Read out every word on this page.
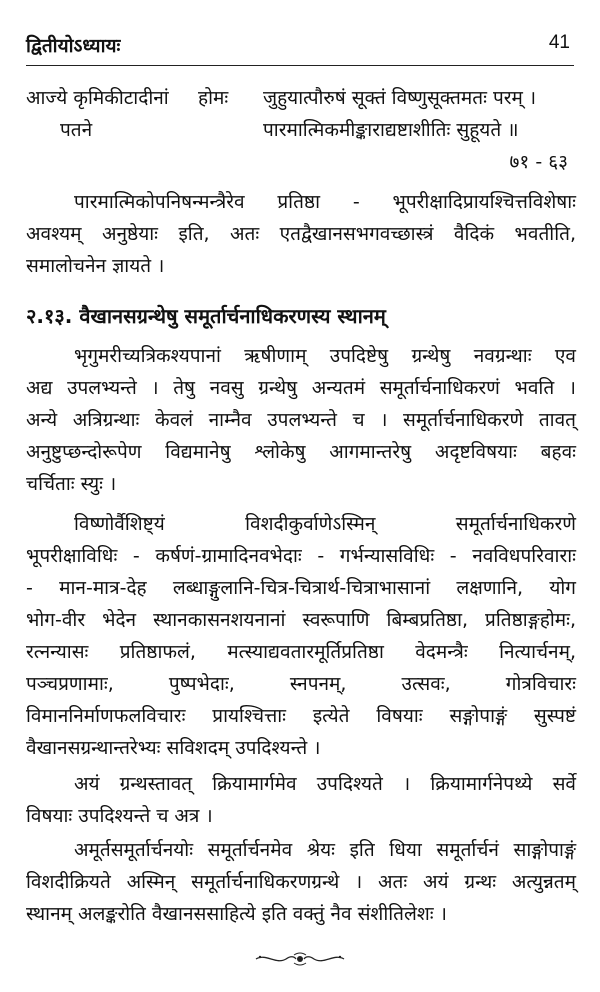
द्वितीयोऽध्यायः	41
आज्ये कृमिकीटादीनां होमः जुहुयात्पौरुषं सूक्तं विष्णुसूक्तमतः परम् ।
पतने	पारमात्मिकमीङ्काराद्यष्टाशीतिः सुहूयते ॥
७१ - ६३
पारमात्मिकोपनिषन्मन्त्रैरेव प्रतिष्ठा - भूपरीक्षादिप्रायश्चित्तविशेषाः
अवश्यम् अनुष्ठेयाः इति, अतः एतद्वैखानसभगवच्छास्त्रं वैदिकं भवतीति,
समालोचनेन ज्ञायते ।
२.१३. वैखानसग्रन्थेषु समूर्तार्चनाधिकरणस्य स्थानम्
भृगुमरीच्यत्रिकश्यपानां ऋषीणाम् उपदिष्टेषु ग्रन्थेषु नवग्रन्थाः एव
अद्य उपलभ्यन्ते । तेषु नवसु ग्रन्थेषु अन्यतमं समूर्तार्चनाधिकरणं भवति ।
अन्ये अत्रिग्रन्थाः केवलं नाम्नैव उपलभ्यन्ते च । समूर्तार्चनाधिकरणे तावत्
अनुष्टुप्छन्दोरूपेण विद्यमानेषु श्लोकेषु आगमान्तरेषु अदृष्टविषयाः बहवः
चर्चिताः स्युः ।
विष्णोर्वैशिष्ट्यं विशदीकुर्वाणेऽस्मिन् समूर्तार्चनाधिकरणे
भूपरीक्षाविधिः - कर्षणं-ग्रामादिनवभेदाः - गर्भन्यासविधिः - नवविधपरिवाराः
- मान-मात्र-देह लब्धाङ्गुलानि-चित्र-चित्रार्थ-चित्राभासानां लक्षणानि, योग
भोग-वीर भेदेन स्थानकासनशयनानां स्वरूपाणि बिम्बप्रतिष्ठा, प्रतिष्ठाङ्गहोमः,
रत्नन्यासः प्रतिष्ठाफलं, मत्स्याद्यवतारमूर्तिप्रतिष्ठा वेदमन्त्रैः नित्यार्चनम्,
पञ्चप्रणामाः, पुष्पभेदाः, स्नपनम्, उत्सवः, गोत्रविचारः
विमाननिर्माणफलविचारः प्रायश्चित्ताः इत्येते विषयाः सङ्गोपाङ्गं सुस्पष्टं
वैखानसग्रन्थान्तरेभ्यः सविशदम् उपदिश्यन्ते ।
अयं ग्रन्थस्तावत् क्रियामार्गमेव उपदिश्यते । क्रियामार्गनेपथ्ये सर्वे
विषयाः उपदिश्यन्ते च अत्र ।
अमूर्तसमूर्तार्चनयोः समूर्तार्चनमेव श्रेयः इति धिया समूर्तार्चनं साङ्गोपाङ्गं
विशदीक्रियते अस्मिन् समूर्तार्चनाधिकरणग्रन्थे । अतः अयं ग्रन्थः अत्युन्नतम्
स्थानम् अलङ्करोति वैखानससाहित्ये इति वक्तुं नैव संशीतिलेशः ।
